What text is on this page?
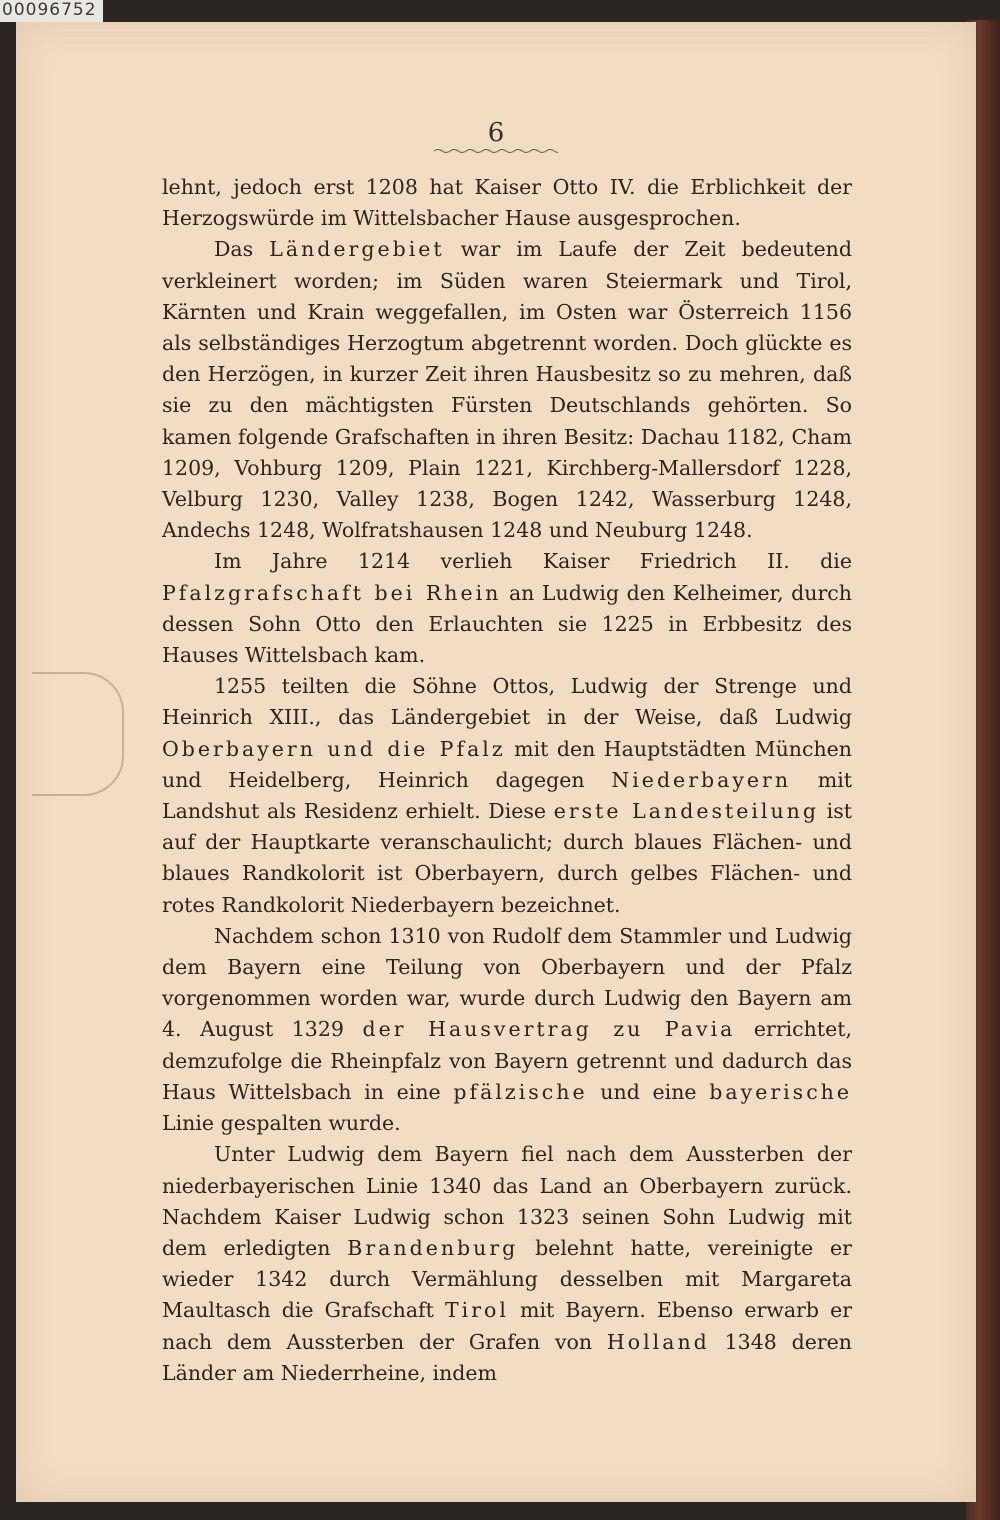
00096752
6

lehnt, jedoch erst 1208 hat Kaiser Otto IV. die Erblichkeit der Herzogswürde im Wittelsbacher Hause ausgesprochen.

Das Ländergebiet war im Laufe der Zeit bedeutend verkleinert worden; im Süden waren Steiermark und Tirol, Kärnten und Krain weggefallen, im Osten war Österreich 1156 als selbständiges Herzogtum abgetrennt worden. Doch glückte es den Herzögen, in kurzer Zeit ihren Hausbesitz so zu mehren, daß sie zu den mächtigsten Fürsten Deutschlands gehörten. So kamen folgende Grafschaften in ihren Besitz: Dachau 1182, Cham 1209, Vohburg 1209, Plain 1221, Kirchberg-Mallersdorf 1228, Velburg 1230, Valley 1238, Bogen 1242, Wasserburg 1248, Andechs 1248, Wolfratshausen 1248 und Neuburg 1248.

Im Jahre 1214 verlieh Kaiser Friedrich II. die Pfalzgrafschaft bei Rhein an Ludwig den Kelheimer, durch dessen Sohn Otto den Erlauchten sie 1225 in Erbbesitz des Hauses Wittelsbach kam.

1255 teilten die Söhne Ottos, Ludwig der Strenge und Heinrich XIII., das Ländergebiet in der Weise, daß Ludwig Oberbayern und die Pfalz mit den Hauptstädten München und Heidelberg, Heinrich dagegen Niederbayern mit Landshut als Residenz erhielt. Diese erste Landesteilung ist auf der Hauptkarte veranschaulicht; durch blaues Flächen- und blaues Randkolorit ist Oberbayern, durch gelbes Flächen- und rotes Randkolorit Niederbayern bezeichnet.

Nachdem schon 1310 von Rudolf dem Stammler und Ludwig dem Bayern eine Teilung von Oberbayern und der Pfalz vorgenommen worden war, wurde durch Ludwig den Bayern am 4. August 1329 der Hausvertrag zu Pavia errichtet, demzufolge die Rheinpfalz von Bayern getrennt und dadurch das Haus Wittelsbach in eine pfälzische und eine bayerische Linie gespalten wurde.

Unter Ludwig dem Bayern fiel nach dem Aussterben der niederbayerischen Linie 1340 das Land an Oberbayern zurück. Nachdem Kaiser Ludwig schon 1323 seinen Sohn Ludwig mit dem erledigten Brandenburg belehnt hatte, vereinigte er wieder 1342 durch Vermählung desselben mit Margareta Maultasch die Grafschaft Tirol mit Bayern. Ebenso erwarb er nach dem Aussterben der Grafen von Holland 1348 deren Länder am Niederrheine, indem
